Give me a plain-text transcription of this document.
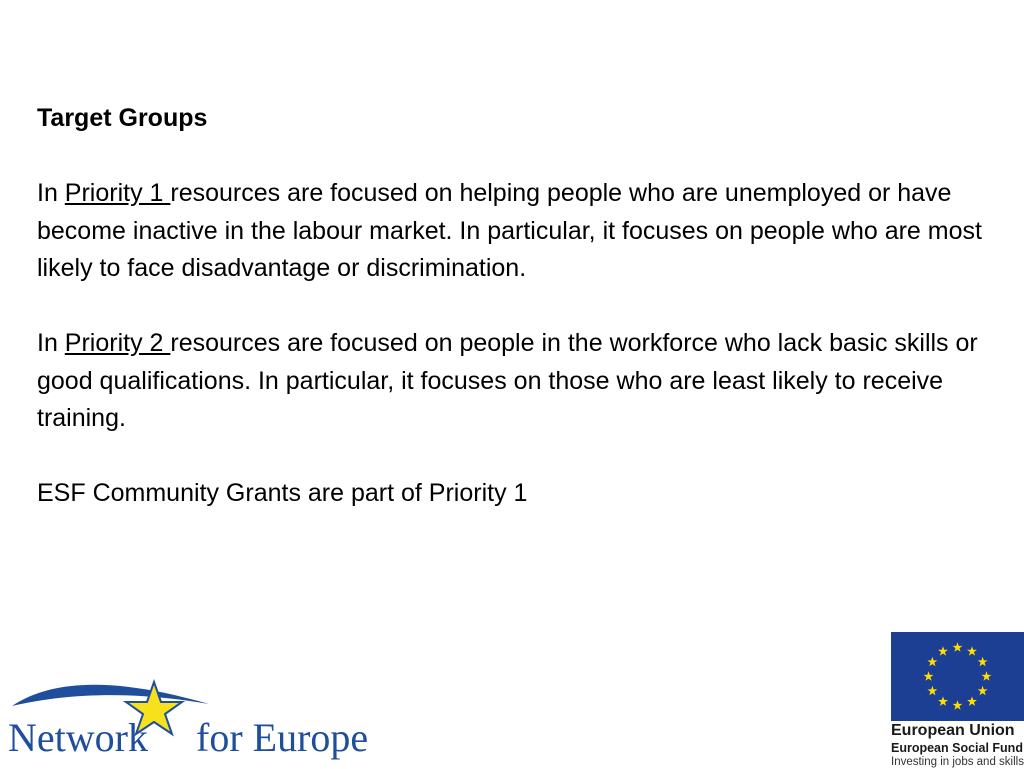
Target Groups

In Priority 1 resources are focused on helping people who are unemployed or have become inactive in the labour market. In particular, it focuses on people who are most likely to face disadvantage or discrimination.

In Priority 2 resources are focused on people in the workforce who lack basic skills or good qualifications. In particular, it focuses on those who are least likely to receive training.

ESF Community Grants are part of Priority 1

Network for Europe	European Union
European Social Fund
Investing in jobs and skills
